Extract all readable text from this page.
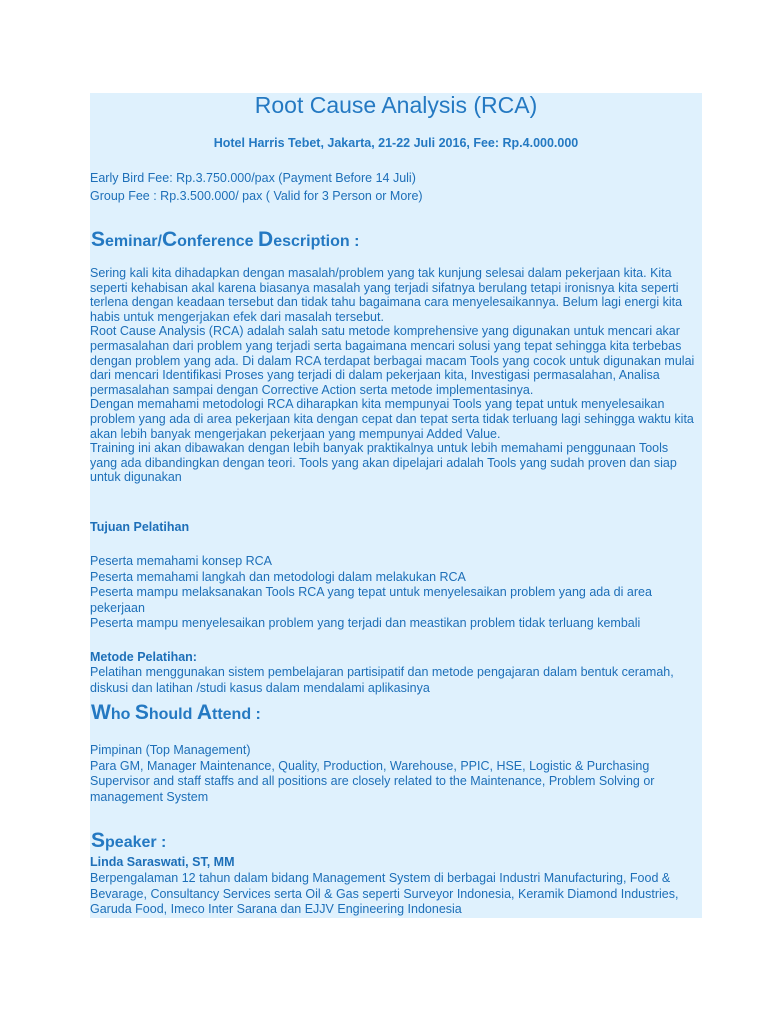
Root Cause Analysis (RCA)
Hotel Harris Tebet, Jakarta, 21-22 Juli 2016, Fee: Rp.4.000.000
Early Bird Fee: Rp.3.750.000/pax (Payment Before 14 Juli)
Group Fee : Rp.3.500.000/ pax ( Valid for 3 Person or More)
Seminar/Conference Description :
Sering kali kita dihadapkan dengan masalah/problem yang tak kunjung selesai dalam pekerjaan kita. Kita
seperti kehabisan akal karena biasanya masalah yang terjadi sifatnya berulang tetapi ironisnya kita seperti
terlena dengan keadaan tersebut dan tidak tahu bagaimana cara menyelesaikannya. Belum lagi energi kita
habis untuk mengerjakan efek dari masalah tersebut.
Root Cause Analysis (RCA) adalah salah satu metode komprehensive yang digunakan untuk mencari akar
permasalahan dari problem yang terjadi serta bagaimana mencari solusi yang tepat sehingga kita terbebas
dengan problem yang ada. Di dalam RCA terdapat berbagai macam Tools yang cocok untuk digunakan mulai
dari mencari Identifikasi Proses yang terjadi di dalam pekerjaan kita, Investigasi permasalahan, Analisa
permasalahan sampai dengan Corrective Action serta metode implementasinya.
Dengan memahami metodologi RCA diharapkan kita mempunyai Tools yang tepat untuk menyelesaikan
problem yang ada di area pekerjaan kita dengan cepat dan tepat serta tidak terluang lagi sehingga waktu kita
akan lebih banyak mengerjakan pekerjaan yang mempunyai Added Value.
Training ini akan dibawakan dengan lebih banyak praktikalnya untuk lebih memahami penggunaan Tools
yang ada dibandingkan dengan teori. Tools yang akan dipelajari adalah Tools yang sudah proven dan siap
untuk digunakan
Tujuan Pelatihan
Peserta memahami konsep RCA
Peserta memahami langkah dan metodologi dalam melakukan RCA
Peserta mampu melaksanakan Tools RCA yang tepat untuk menyelesaikan problem yang ada di area
pekerjaan
Peserta mampu menyelesaikan problem yang terjadi dan meastikan problem tidak terluang kembali
Metode Pelatihan:
Pelatihan menggunakan sistem pembelajaran partisipatif dan metode pengajaran dalam bentuk ceramah,
diskusi dan latihan /studi kasus dalam mendalami aplikasinya
Who Should Attend :
Pimpinan (Top Management)
Para GM, Manager Maintenance, Quality, Production, Warehouse, PPIC, HSE, Logistic & Purchasing
Supervisor and staff staffs and all positions are closely related to the Maintenance, Problem Solving or
management System
Speaker :
Linda Saraswati, ST, MM
Berpengalaman 12 tahun dalam bidang Management System di berbagai Industri Manufacturing, Food &
Bevarage, Consultancy Services serta Oil & Gas seperti Surveyor Indonesia, Keramik Diamond Industries,
Garuda Food, Imeco Inter Sarana dan EJJV Engineering Indonesia
